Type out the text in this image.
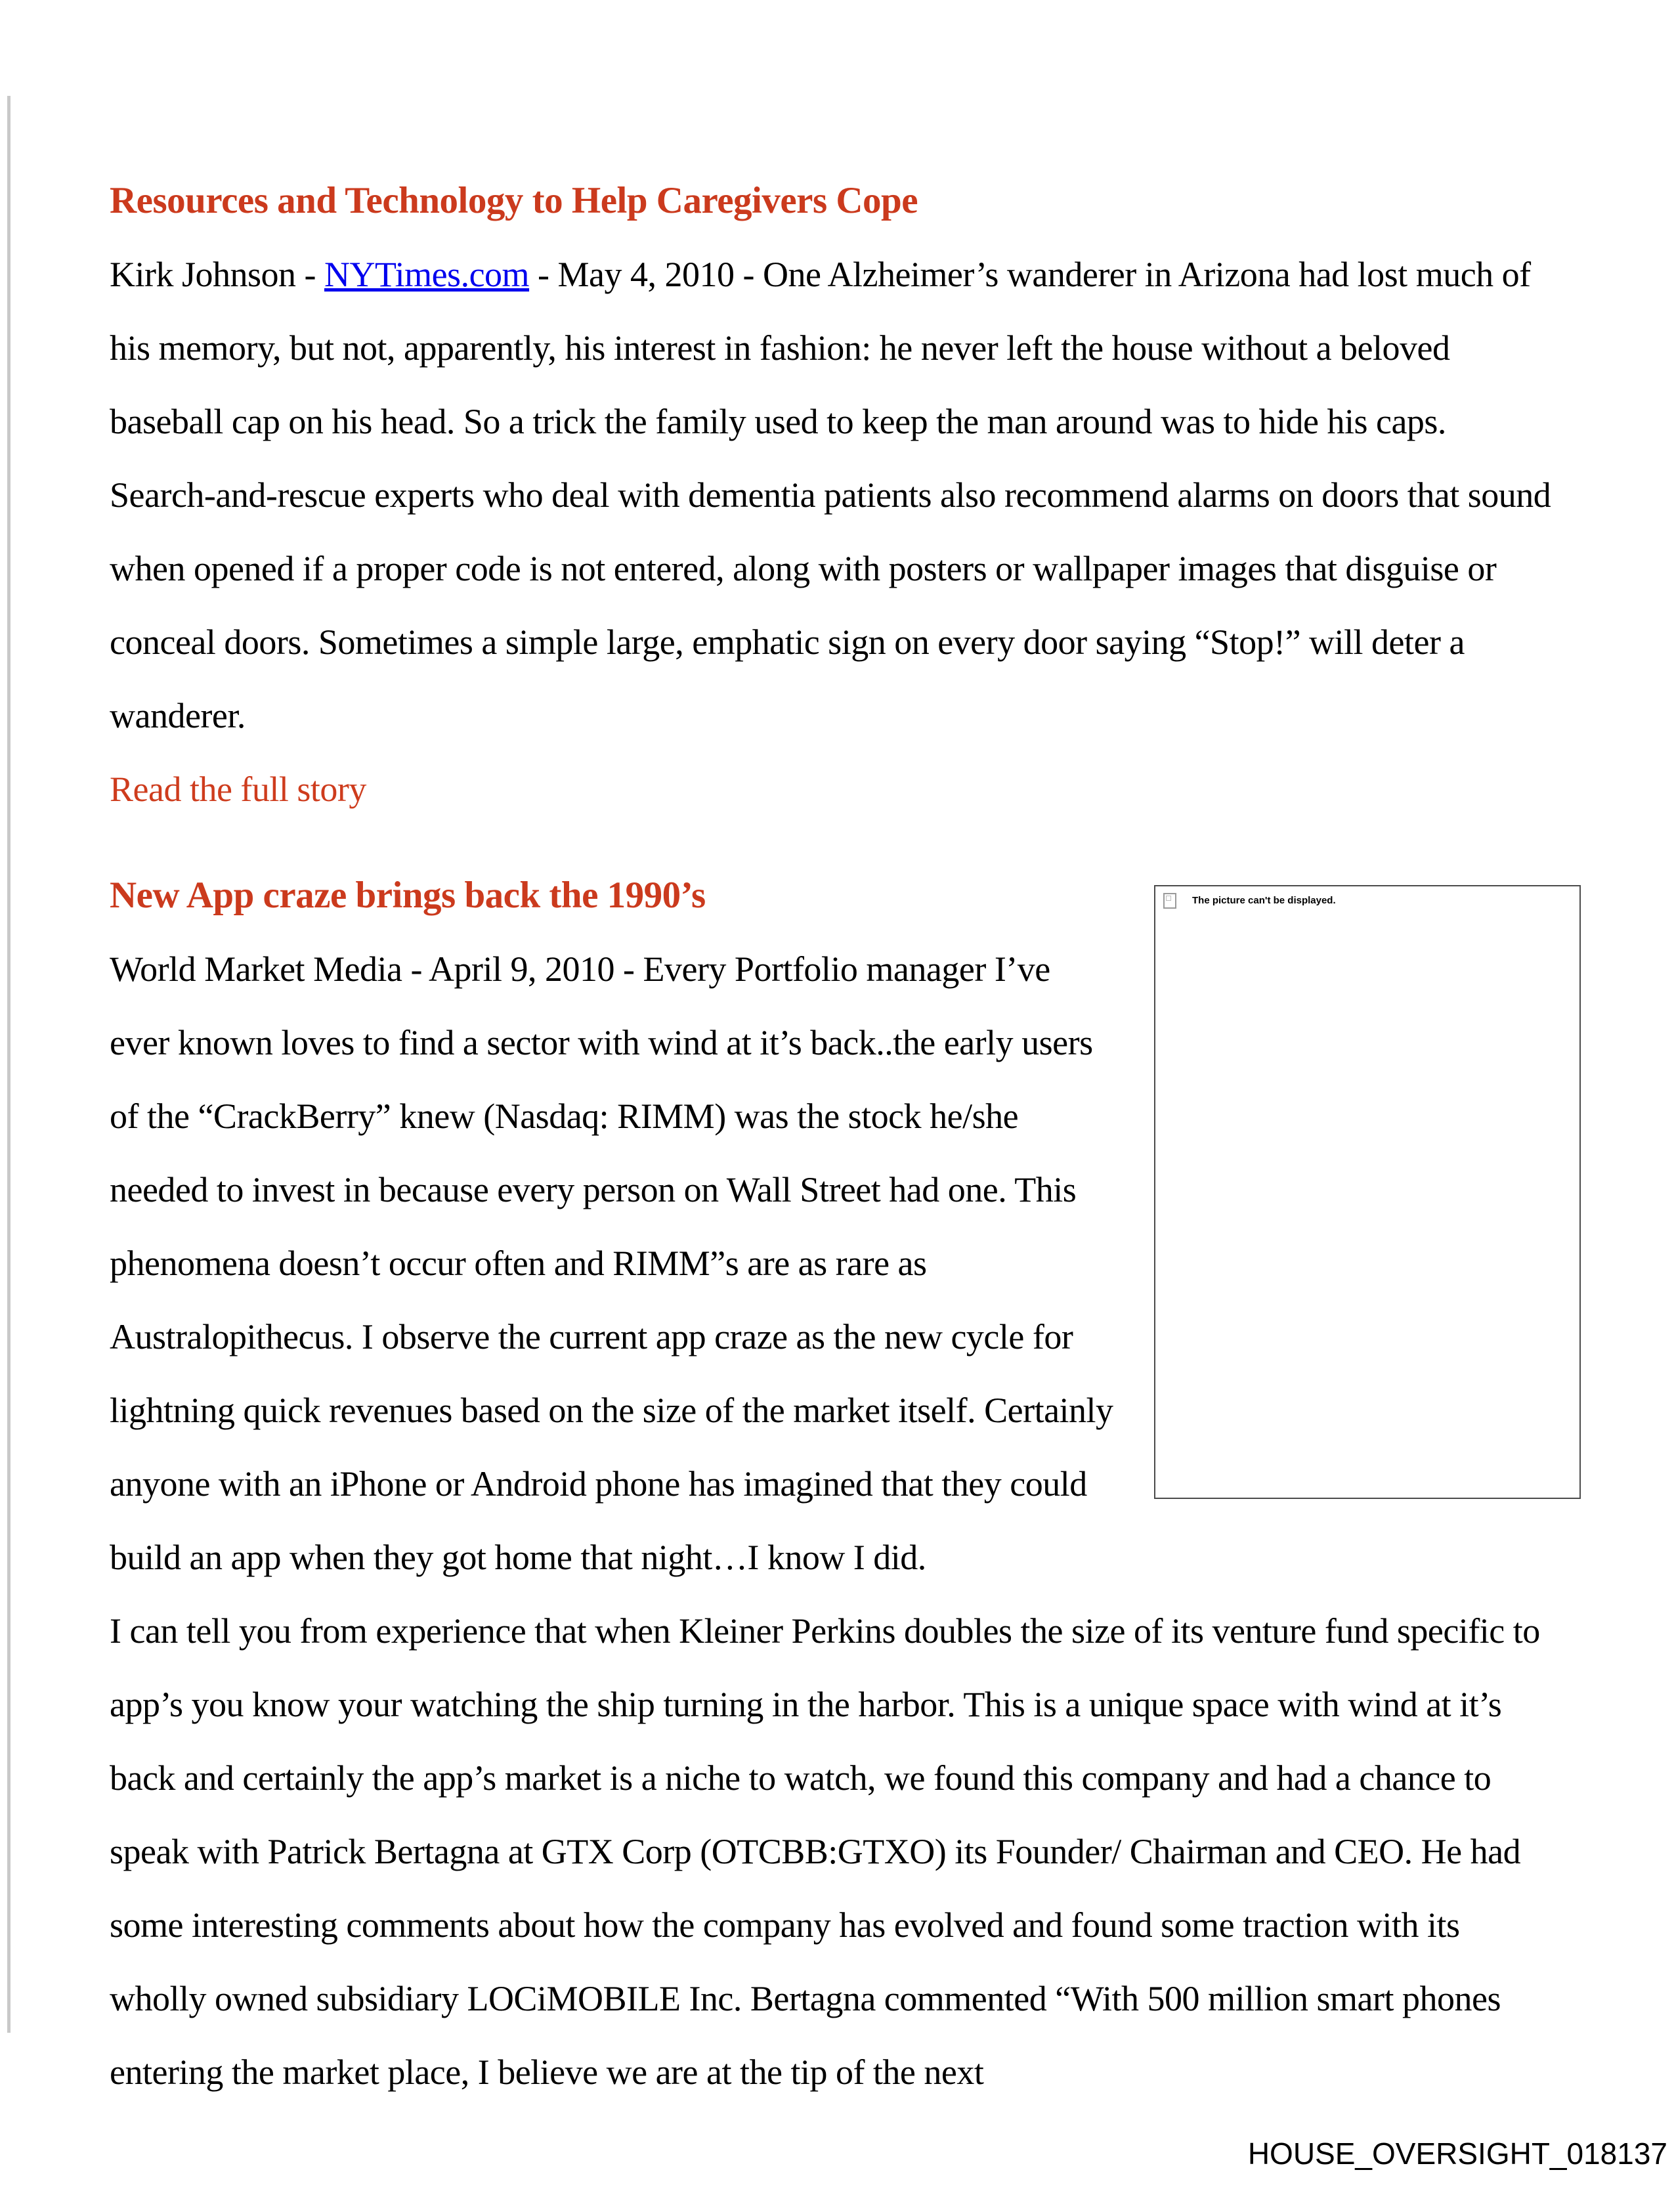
Resources and Technology to Help Caregivers Cope

Kirk Johnson - NYTimes.com - May 4, 2010 - One Alzheimer’s wanderer in Arizona had lost much of his memory, but not, apparently, his interest in fashion: he never left the house without a beloved baseball cap on his head. So a trick the family used to keep the man around was to hide his caps.

Search-and-rescue experts who deal with dementia patients also recommend alarms on doors that sound when opened if a proper code is not entered, along with posters or wallpaper images that disguise or conceal doors. Sometimes a simple large, emphatic sign on every door saying “Stop!” will deter a wanderer.

Read the full story

The picture can't be displayed.
New App craze brings back the 1990’s

World Market Media - April 9, 2010 - Every Portfolio manager I’ve ever known loves to find a sector with wind at it’s back..the early users of the “CrackBerry” knew (Nasdaq: RIMM) was the stock he/she needed to invest in because every person on Wall Street had one. This phenomena doesn’t occur often and RIMM”s are as rare as Australopithecus. I observe the current app craze as the new cycle for lightning quick revenues based on the size of the market itself. Certainly anyone with an iPhone or Android phone has imagined that they could build an app when they got home that night…I know I did.

I can tell you from experience that when Kleiner Perkins doubles the size of its venture fund specific to app’s you know your watching the ship turning in the harbor. This is a unique space with wind at it’s back and certainly the app’s market is a niche to watch, we found this company and had a chance to speak with Patrick Bertagna at GTX Corp (OTCBB:GTXO) its Founder/ Chairman and CEO. He had some interesting comments about how the company has evolved and found some traction with its wholly owned subsidiary LOCiMOBILE Inc. Bertagna commented “With 500 million smart phones entering the market place, I believe we are at the tip of the next

HOUSE_OVERSIGHT_018137
